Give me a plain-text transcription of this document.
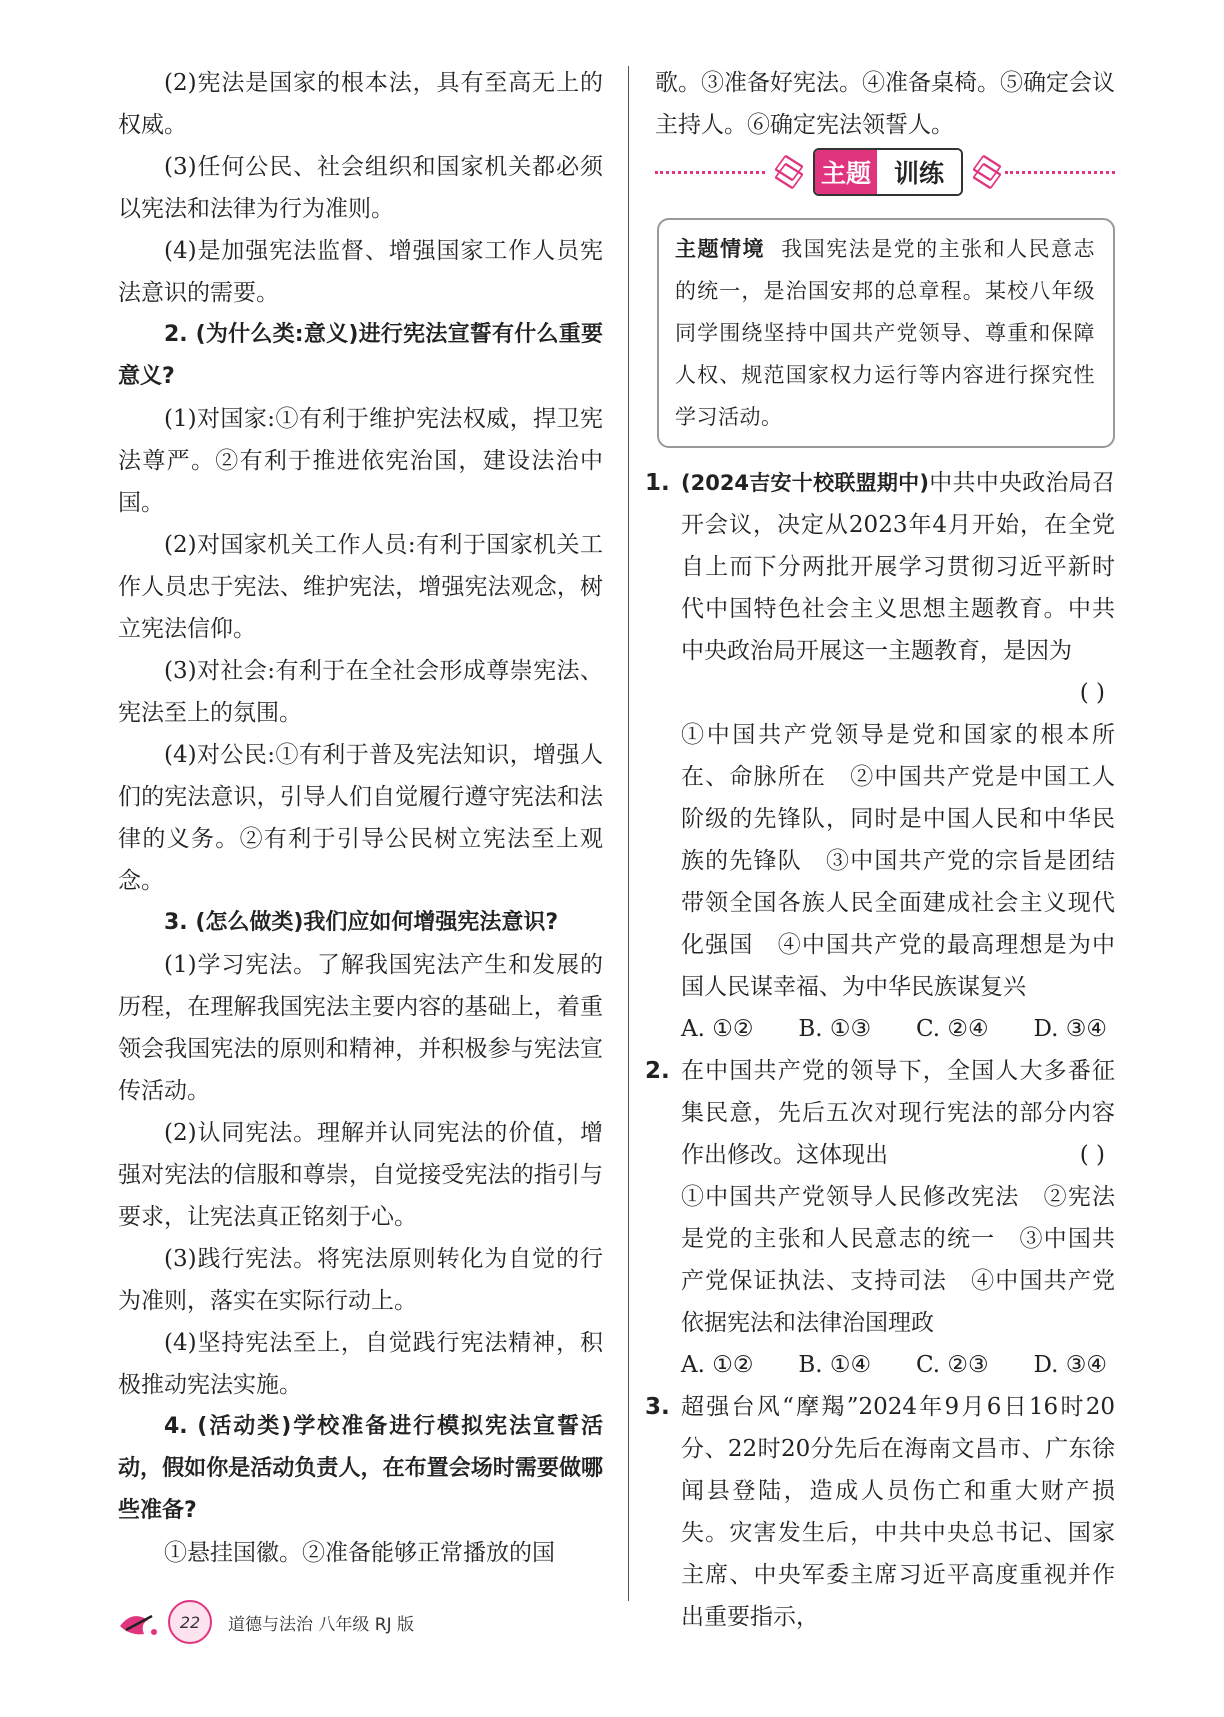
(2)宪法是国家的根本法，具有至高无上的权威。

(3)任何公民、社会组织和国家机关都必须以宪法和法律为行为准则。

(4)是加强宪法监督、增强国家工作人员宪法意识的需要。

2. (为什么类:意义)进行宪法宣誓有什么重要意义?

(1)对国家:①有利于维护宪法权威，捍卫宪法尊严。②有利于推进依宪治国，建设法治中国。

(2)对国家机关工作人员:有利于国家机关工作人员忠于宪法、维护宪法，增强宪法观念，树立宪法信仰。

(3)对社会:有利于在全社会形成尊崇宪法、宪法至上的氛围。

(4)对公民:①有利于普及宪法知识，增强人们的宪法意识，引导人们自觉履行遵守宪法和法律的义务。②有利于引导公民树立宪法至上观念。

3. (怎么做类)我们应如何增强宪法意识?

(1)学习宪法。了解我国宪法产生和发展的历程，在理解我国宪法主要内容的基础上，着重领会我国宪法的原则和精神，并积极参与宪法宣传活动。

(2)认同宪法。理解并认同宪法的价值，增强对宪法的信服和尊崇，自觉接受宪法的指引与要求，让宪法真正铭刻于心。

(3)践行宪法。将宪法原则转化为自觉的行为准则，落实在实际行动上。

(4)坚持宪法至上，自觉践行宪法精神，积极推动宪法实施。

4. (活动类)学校准备进行模拟宪法宣誓活动，假如你是活动负责人，在布置会场时需要做哪些准备?

①悬挂国徽。②准备能够正常播放的国

歌。③准备好宪法。④准备桌椅。⑤确定会议主持人。⑥确定宪法领誓人。

主题 训练

主题情境 我国宪法是党的主张和人民意志的统一，是治国安邦的总章程。某校八年级同学围绕坚持中国共产党领导、尊重和保障人权、规范国家权力运行等内容进行探究性学习活动。

1. (2024吉安十校联盟期中)中共中央政治局召开会议，决定从2023年4月开始，在全党自上而下分两批开展学习贯彻习近平新时代中国特色社会主义思想主题教育。中共中央政治局开展这一主题教育，是因为

( )

①中国共产党领导是党和国家的根本所在、命脉所在　②中国共产党是中国工人阶级的先锋队，同时是中国人民和中华民族的先锋队　③中国共产党的宗旨是团结带领全国各族人民全面建成社会主义现代化强国　④中国共产党的最高理想是为中国人民谋幸福、为中华民族谋复兴

A. ①② B. ①③ C. ②④ D. ③④
2. 在中国共产党的领导下，全国人大多番征集民意，先后五次对现行宪法的部分内容作出修改。这体现出	( )

①中国共产党领导人民修改宪法　②宪法是党的主张和人民意志的统一　③中国共产党保证执法、支持司法　④中国共产党依据宪法和法律治国理政

A. ①② B. ①④ C. ②③ D. ③④
3. 超强台风“摩羯”2024年9月6日16时20分、22时20分先后在海南文昌市、广东徐闻县登陆，造成人员伤亡和重大财产损失。灾害发生后，中共中央总书记、国家主席、中央军委主席习近平高度重视并作出重要指示，

22	道德与法治 八年级 RJ 版
